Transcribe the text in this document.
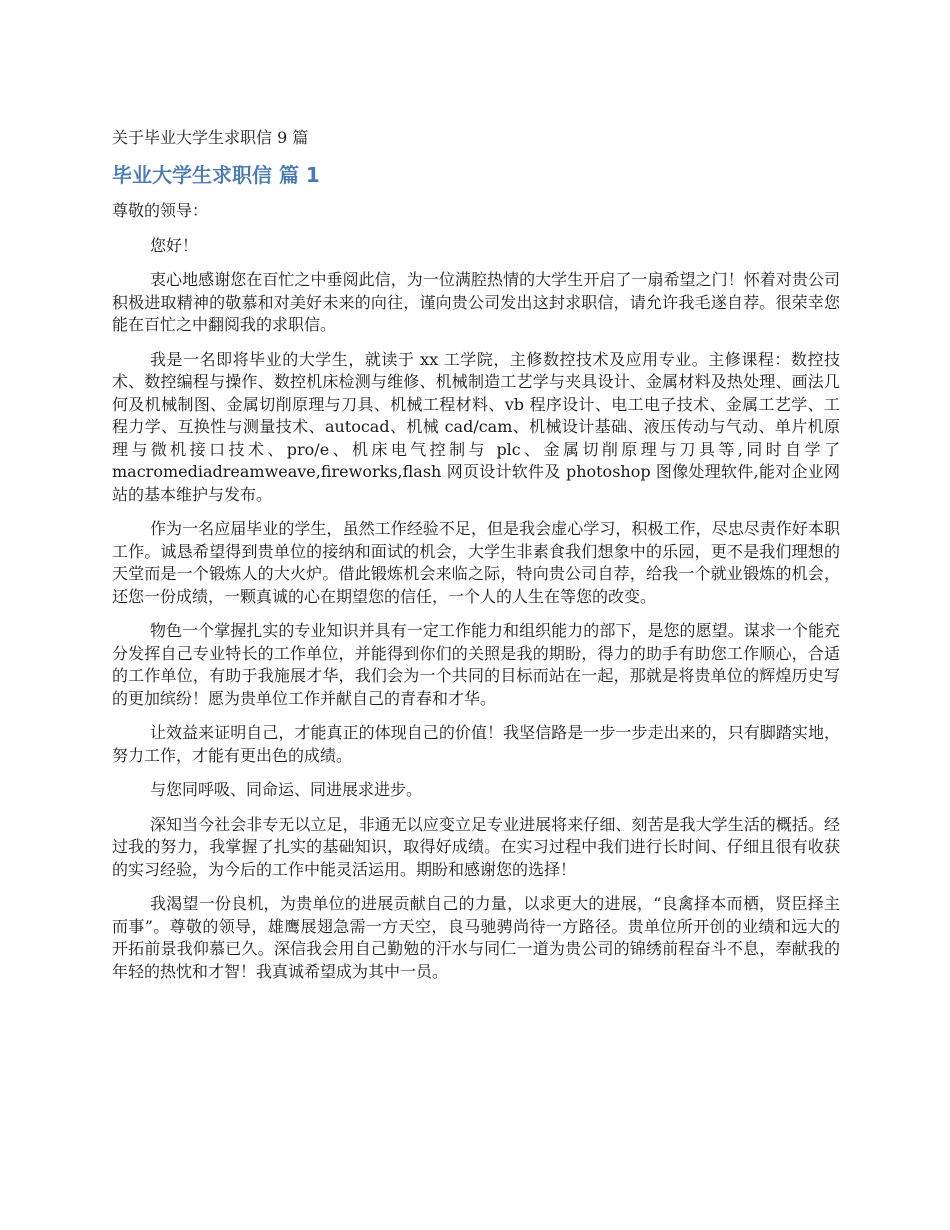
关于毕业大学生求职信 9 篇
毕业大学生求职信 篇 1

尊敬的领导：

您好！

衷心地感谢您在百忙之中垂阅此信，为一位满腔热情的大学生开启了一扇希望之门！怀着对贵公司积极进取精神的敬慕和对美好未来的向往，谨向贵公司发出这封求职信，请允许我毛遂自荐。很荣幸您能在百忙之中翻阅我的求职信。

我是一名即将毕业的大学生，就读于 xx 工学院，主修数控技术及应用专业。主修课程：数控技术、数控编程与操作、数控机床检测与维修、机械制造工艺学与夹具设计、金属材料及热处理、画法几何及机械制图、金属切削原理与刀具、机械工程材料、vb 程序设计、电工电子技术、金属工艺学、工程力学、互换性与测量技术、autocad、机械 cad/cam、机械设计基础、液压传动与气动、单片机原理与微机接口技术、pro/e、机床电气控制与 plc、金属切削原理与刀具等,同时自学了 macromediadreamweave,fireworks,flash 网页设计软件及 photoshop 图像处理软件,能对企业网站的基本维护与发布。

作为一名应届毕业的学生，虽然工作经验不足，但是我会虚心学习，积极工作，尽忠尽责作好本职工作。诚恳希望得到贵单位的接纳和面试的机会，大学生非素食我们想象中的乐园，更不是我们理想的天堂而是一个锻炼人的大火炉。借此锻炼机会来临之际，特向贵公司自荐，给我一个就业锻炼的机会，还您一份成绩，一颗真诚的心在期望您的信任，一个人的人生在等您的改变。

物色一个掌握扎实的专业知识并具有一定工作能力和组织能力的部下，是您的愿望。谋求一个能充分发挥自己专业特长的工作单位，并能得到你们的关照是我的期盼，得力的助手有助您工作顺心，合适的工作单位，有助于我施展才华，我们会为一个共同的目标而站在一起，那就是将贵单位的辉煌历史写的更加缤纷！愿为贵单位工作并献自己的青春和才华。

让效益来证明自己，才能真正的体现自己的价值！我坚信路是一步一步走出来的，只有脚踏实地，努力工作，才能有更出色的成绩。

与您同呼吸、同命运、同进展求进步。

深知当今社会非专无以立足，非通无以应变立足专业进展将来仔细、刻苦是我大学生活的概括。经过我的努力，我掌握了扎实的基础知识，取得好成绩。在实习过程中我们进行长时间、仔细且很有收获的实习经验，为今后的工作中能灵活运用。期盼和感谢您的选择！

我渴望一份良机，为贵单位的进展贡献自己的力量，以求更大的进展，“良禽择本而栖，贤臣择主而事”。尊敬的领导，雄鹰展翅急需一方天空，良马驰骋尚待一方路径。贵单位所开创的业绩和远大的开拓前景我仰慕已久。深信我会用自己勤勉的汗水与同仁一道为贵公司的锦绣前程奋斗不息，奉献我的年轻的热忱和才智！我真诚希望成为其中一员。
